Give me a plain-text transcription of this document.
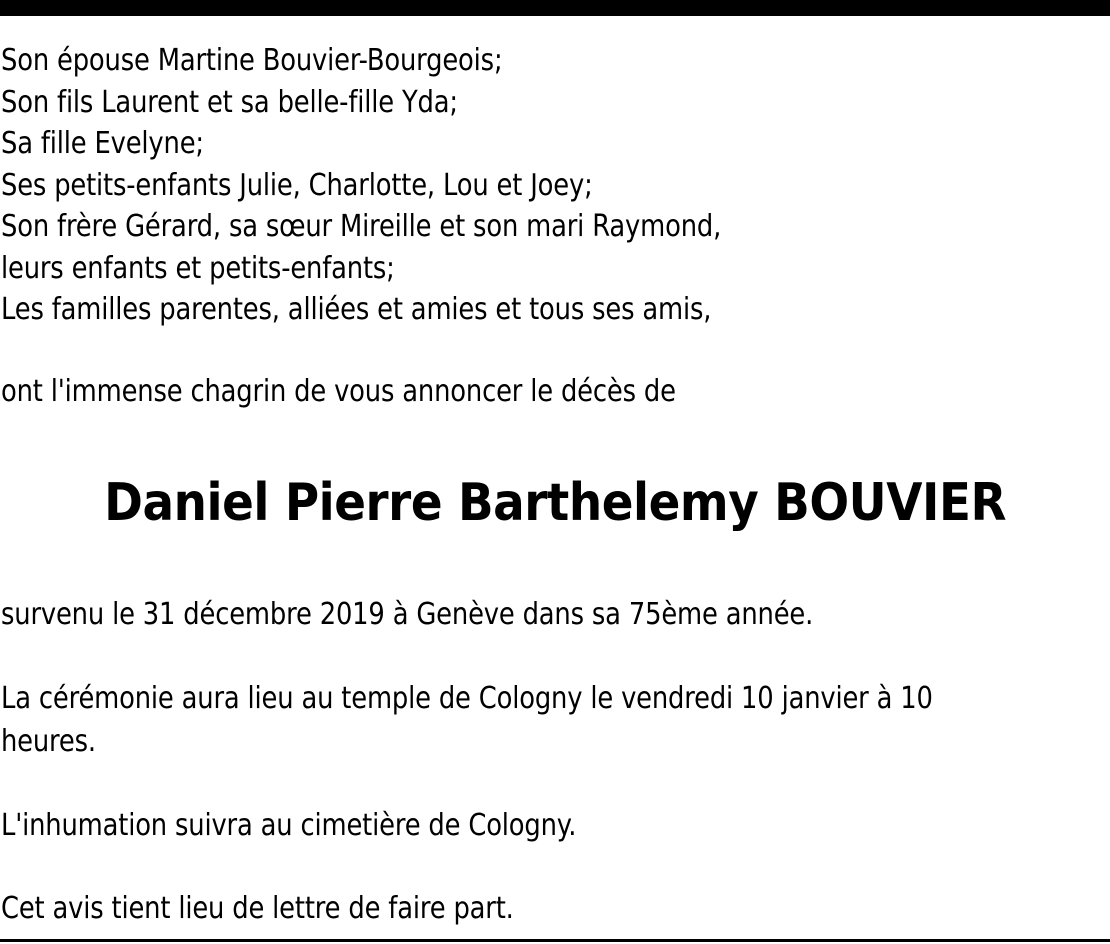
Son épouse Martine Bouvier-Bourgeois;
Son fils Laurent et sa belle-fille Yda;
Sa fille Evelyne;
Ses petits-enfants Julie, Charlotte, Lou et Joey;
Son frère Gérard, sa sœur Mireille et son mari Raymond,
leurs enfants et petits-enfants;
Les familles parentes, alliées et amies et tous ses amis,

ont l'immense chagrin de vous annoncer le décès de

Daniel Pierre Barthelemy BOUVIER

survenu le 31 décembre 2019 à Genève dans sa 75ème année.

La cérémonie aura lieu au temple de Cologny le vendredi 10 janvier à 10

heures.

L'inhumation suivra au cimetière de Cologny.

Cet avis tient lieu de lettre de faire part.
